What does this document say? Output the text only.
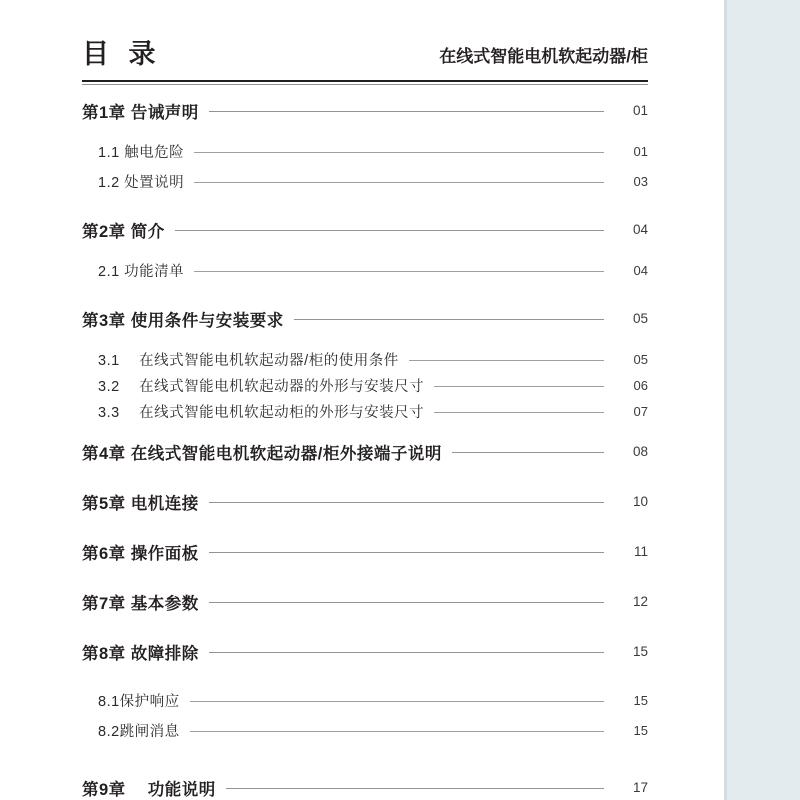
目 录	在线式智能电机软起动器/柜
第1章 告诫声明	01
1.1 触电危险	01
1.2 处置说明	03
第2章 简介	04
2.1 功能清单	04
第3章 使用条件与安装要求	05
3.1　 在线式智能电机软起动器/柜的使用条件	05
3.2　 在线式智能电机软起动器的外形与安装尺寸	06
3.3　 在线式智能电机软起动柜的外形与安装尺寸	07
第4章 在线式智能电机软起动器/柜外接端子说明	08
第5章 电机连接	10
第6章 操作面板	11
第7章 基本参数	12
第8章 故障排除	15
8.1保护响应	15
8.2跳闸消息	15
第9章　 功能说明	17
